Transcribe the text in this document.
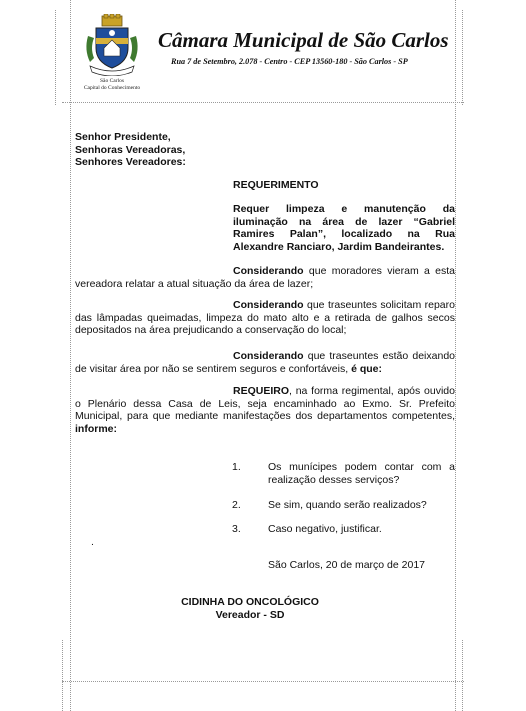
São Carlos
Capital do Conhecimento
Câmara Municipal de São Carlos
Rua 7 de Setembro, 2.078 - Centro - CEP 13560-180 - São Carlos - SP
Senhor Presidente,
Senhoras Vereadoras,
Senhores Vereadores:
REQUERIMENTO
Requer limpeza e manutenção da iluminação na área de lazer “Gabriel Ramires Palan”, localizado na Rua Alexandre Ranciaro, Jardim Bandeirantes.
Considerando que moradores vieram a esta vereadora relatar a atual situação da área de lazer;
Considerando que traseuntes solicitam reparo das lâmpadas queimadas, limpeza do mato alto e a retirada de galhos secos depositados na área prejudicando a conservação do local;
Considerando que traseuntes estão deixando de visitar área por não se sentirem seguros e confortáveis, é que:
REQUEIRO, na forma regimental, após ouvido o Plenário dessa Casa de Leis, seja encaminhado ao Exmo. Sr. Prefeito Municipal, para que mediante manifestações dos departamentos competentes, informe:
1.	Os munícipes podem contar com a realização desses serviços?
2.	Se sim, quando serão realizados?
3.	Caso negativo, justificar.
.
São Carlos, 20 de março de 2017
CIDINHA DO ONCOLÓGICO
Vereador - SD
